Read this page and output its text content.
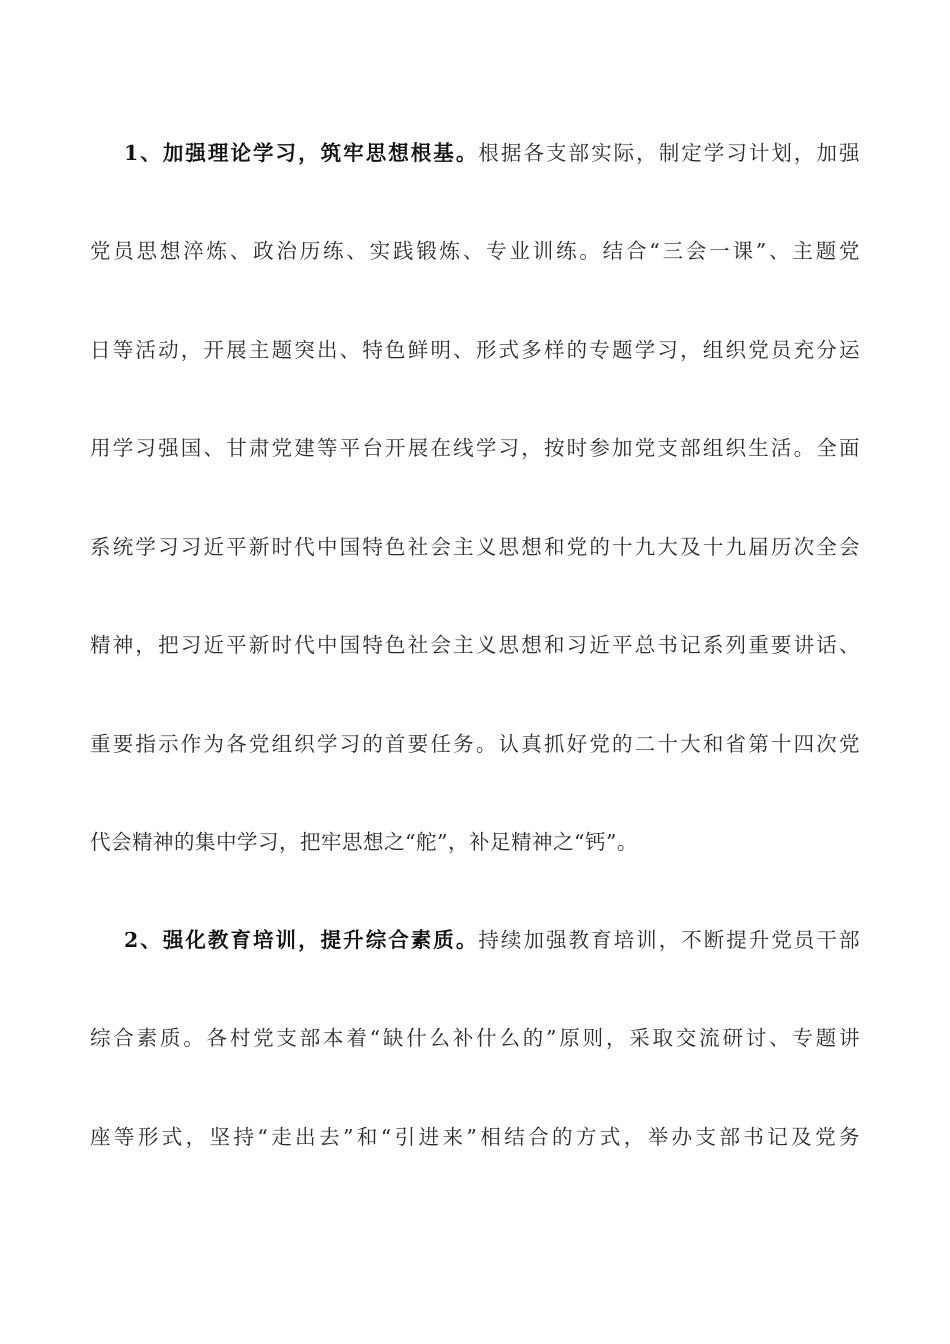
1、加强理论学习，筑牢思想根基。根据各支部实际，制定学习计划，加强
党员思想淬炼、政治历练、实践锻炼、专业训练。结合“三会一课”、主题党
日等活动，开展主题突出、特色鲜明、形式多样的专题学习，组织党员充分运
用学习强国、甘肃党建等平台开展在线学习，按时参加党支部组织生活。全面
系统学习习近平新时代中国特色社会主义思想和党的十九大及十九届历次全会
精神，把习近平新时代中国特色社会主义思想和习近平总书记系列重要讲话、
重要指示作为各党组织学习的首要任务。认真抓好党的二十大和省第十四次党
代会精神的集中学习，把牢思想之“舵”，补足精神之“钙”。
2、强化教育培训，提升综合素质。持续加强教育培训，不断提升党员干部
综合素质。各村党支部本着“缺什么补什么的”原则，采取交流研讨、专题讲
座等形式，坚持“走出去”和“引进来”相结合的方式，举办支部书记及党务
